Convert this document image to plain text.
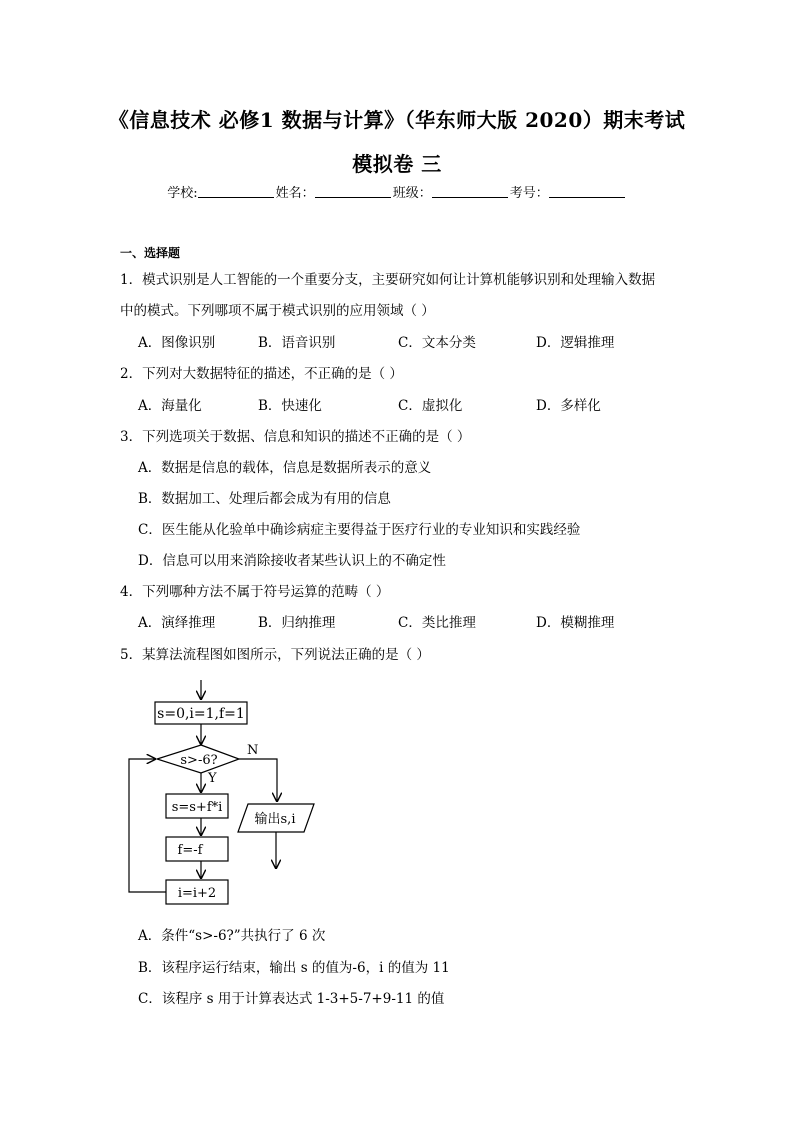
《信息技术 必修1 数据与计算》（华东师大版 2020）期末考试
模拟卷 三
学校:	姓名：	班级：	考号：
一、选择题
1．模式识别是人工智能的一个重要分支，主要研究如何让计算机能够识别和处理输入数据
中的模式。下列哪项不属于模式识别的应用领域（ ）
A．图像识别	B．语音识别	C．文本分类	D．逻辑推理
2．下列对大数据特征的描述，不正确的是（ ）
A．海量化	B．快速化	C．虚拟化	D．多样化
3．下列选项关于数据、信息和知识的描述不正确的是（ ）
A．数据是信息的载体，信息是数据所表示的意义
B．数据加工、处理后都会成为有用的信息
C．医生能从化验单中确诊病症主要得益于医疗行业的专业知识和实践经验
D．信息可以用来消除接收者某些认识上的不确定性
4．下列哪种方法不属于符号运算的范畴（ ）
A．演绎推理	B．归纳推理	C．类比推理	D．模糊推理
5．某算法流程图如图所示，下列说法正确的是（ ）
s=0,i=1,f=1
s>-6?
Y
N
s=s+f*i
f=-f
i=i+2
输出s,i
A．条件“s>-6?”共执行了 6 次
B．该程序运行结束，输出 s 的值为-6，i 的值为 11
C．该程序 s 用于计算表达式 1-3+5-7+9-11 的值
